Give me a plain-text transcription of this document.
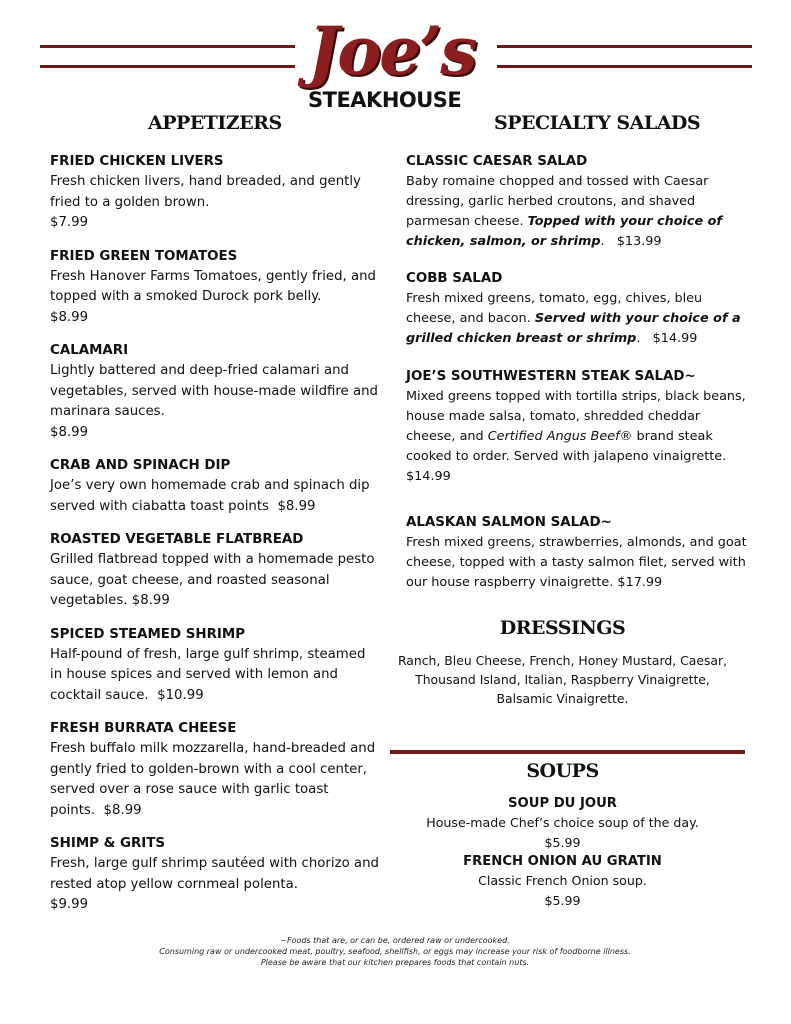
Joe’s
STEAKHOUSE
APPETIZERS
FRIED CHICKEN LIVERS
Fresh chicken livers, hand breaded, and gently fried to a golden brown.
$7.99
FRIED GREEN TOMATOES
Fresh Hanover Farms Tomatoes, gently fried, and topped with a smoked Durock pork belly.
$8.99
CALAMARI
Lightly battered and deep-fried calamari and vegetables, served with house-made wildfire and marinara sauces.
$8.99
CRAB AND SPINACH DIP
Joe’s very own homemade crab and spinach dip served with ciabatta toast points $8.99
ROASTED VEGETABLE FLATBREAD
Grilled flatbread topped with a homemade pesto sauce, goat cheese, and roasted seasonal vegetables. $8.99
SPICED STEAMED SHRIMP
Half-pound of fresh, large gulf shrimp, steamed in house spices and served with lemon and cocktail sauce. $10.99
FRESH BURRATA CHEESE
Fresh buffalo milk mozzarella, hand-breaded and gently fried to golden-brown with a cool center, served over a rose sauce with garlic toast points. $8.99
SHIMP & GRITS
Fresh, large gulf shrimp sautéed with chorizo and rested atop yellow cornmeal polenta.
$9.99
SPECIALTY SALADS
CLASSIC CAESAR SALAD
Baby romaine chopped and tossed with Caesar dressing, garlic herbed croutons, and shaved parmesan cheese. Topped with your choice of chicken, salmon, or shrimp.   $13.99
COBB SALAD
Fresh mixed greens, tomato, egg, chives, bleu cheese, and bacon. Served with your choice of a grilled chicken breast or shrimp.   $14.99
JOE’S SOUTHWESTERN STEAK SALAD~
Mixed greens topped with tortilla strips, black beans, house made salsa, tomato, shredded cheddar cheese, and Certified Angus Beef® brand steak cooked to order. Served with jalapeno vinaigrette.
$14.99
ALASKAN SALMON SALAD~
Fresh mixed greens, strawberries, almonds, and goat cheese, topped with a tasty salmon filet, served with our house raspberry vinaigrette. $17.99
DRESSINGS
Ranch, Bleu Cheese, French, Honey Mustard, Caesar, Thousand Island, Italian, Raspberry Vinaigrette, Balsamic Vinaigrette.
SOUPS
SOUP DU JOUR
House-made Chef’s choice soup of the day.
$5.99
FRENCH ONION AU GRATIN
Classic French Onion soup.
$5.99
~Foods that are, or can be, ordered raw or undercooked.
Consuming raw or undercooked meat, poultry, seafood, shellfish, or eggs may increase your risk of foodborne illness.
Please be aware that our kitchen prepares foods that contain nuts.
